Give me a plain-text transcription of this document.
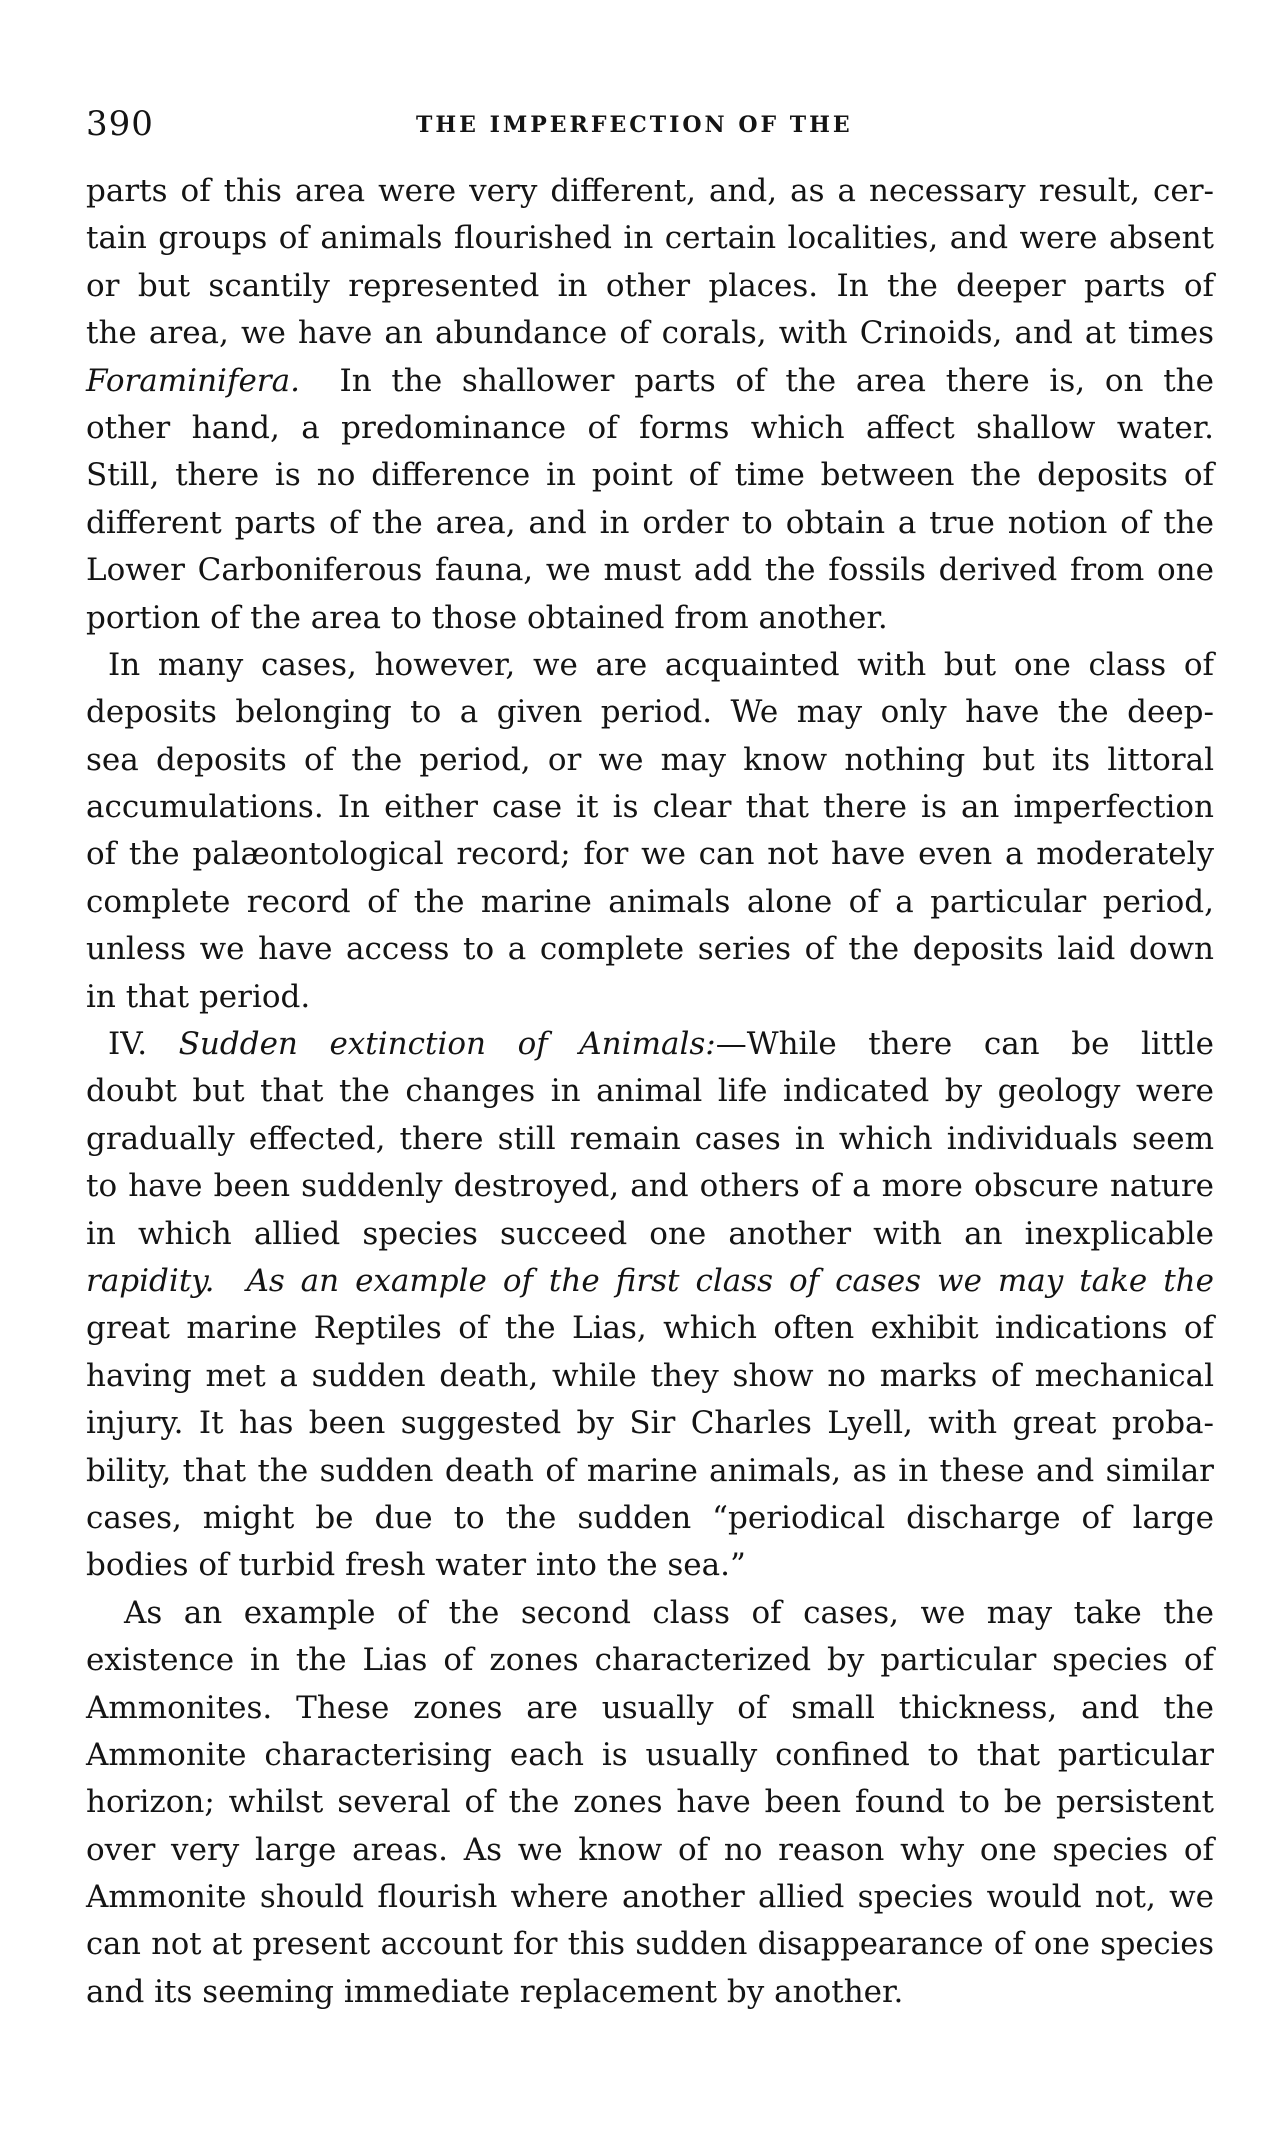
390	THE IMPERFECTION OF THE
parts of this area were very different, and, as a necessary result, cer-
tain groups of animals flourished in certain localities, and were absent
or but scantily represented in other places. In the deeper parts of
the area, we have an abundance of corals, with Crinoids, and at times
Foraminifera.  In the shallower parts of the area there is, on the
other hand, a predominance of forms which affect shallow water.
Still, there is no difference in point of time between the deposits of
different parts of the area, and in order to obtain a true notion of the
Lower Carboniferous fauna, we must add the fossils derived from one
portion of the area to those obtained from another.
In many cases, however, we are acquainted with but one class of
deposits belonging to a given period. We may only have the deep-
sea deposits of the period, or we may know nothing but its littoral
accumulations. In either case it is clear that there is an imperfection
of the palæontological record; for we can not have even a moderately
complete record of the marine animals alone of a particular period,
unless we have access to a complete series of the deposits laid down
in that period.
IV. Sudden extinction of Animals:—While there can be little
doubt but that the changes in animal life indicated by geology were
gradually effected, there still remain cases in which individuals seem
to have been suddenly destroyed, and others of a more obscure nature
in which allied species succeed one another with an inexplicable
rapidity. As an example of the first class of cases we may take the
great marine Reptiles of the Lias, which often exhibit indications of
having met a sudden death, while they show no marks of mechanical
injury. It has been suggested by Sir Charles Lyell, with great proba-
bility, that the sudden death of marine animals, as in these and similar
cases, might be due to the sudden “periodical discharge of large
bodies of turbid fresh water into the sea.”
As an example of the second class of cases, we may take the
existence in the Lias of zones characterized by particular species of
Ammonites. These zones are usually of small thickness, and the
Ammonite characterising each is usually confined to that particular
horizon; whilst several of the zones have been found to be persistent
over very large areas. As we know of no reason why one species of
Ammonite should flourish where another allied species would not, we
can not at present account for this sudden disappearance of one species
and its seeming immediate replacement by another.
